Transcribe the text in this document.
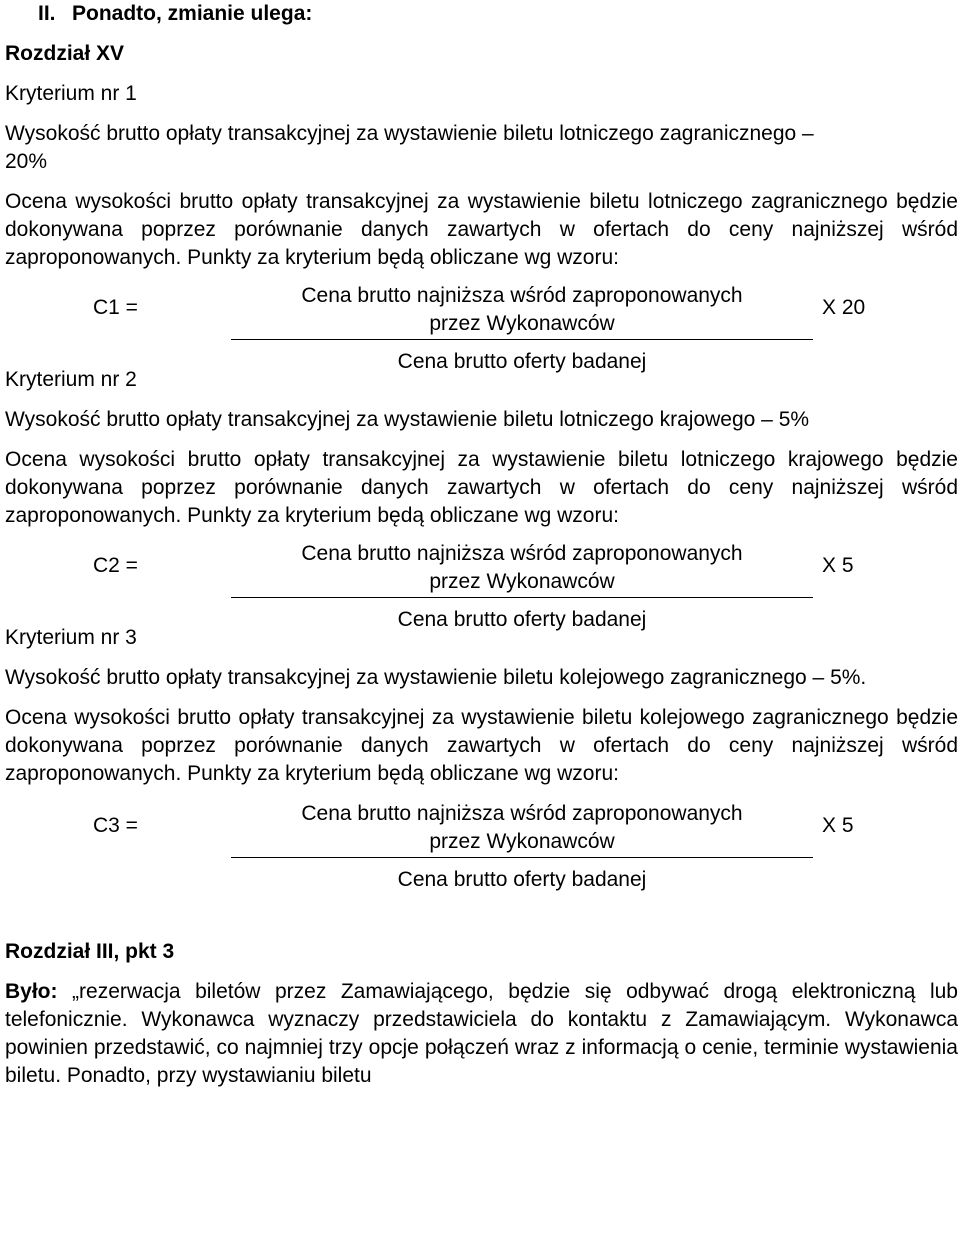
II. Ponadto, zmianie ulega:

Rozdział XV

Kryterium nr 1

Wysokość brutto opłaty transakcyjnej za wystawienie biletu lotniczego zagranicznego –
20%

Ocena wysokości brutto opłaty transakcyjnej za wystawienie biletu lotniczego zagranicznego będzie dokonywana poprzez porównanie danych zawartych w ofertach do ceny najniższej wśród zaproponowanych. Punkty za kryterium będą obliczane wg wzoru:

C1 =
Cena brutto najniższa wśród zaproponowanych
przez Wykonawców
Cena brutto oferty badanej
X 20

Kryterium nr 2

Wysokość brutto opłaty transakcyjnej za wystawienie biletu lotniczego krajowego – 5%

Ocena wysokości brutto opłaty transakcyjnej za wystawienie biletu lotniczego krajowego będzie dokonywana poprzez porównanie danych zawartych w ofertach do ceny najniższej wśród zaproponowanych. Punkty za kryterium będą obliczane wg wzoru:

C2 =
Cena brutto najniższa wśród zaproponowanych
przez Wykonawców
Cena brutto oferty badanej
X 5

Kryterium nr 3

Wysokość brutto opłaty transakcyjnej za wystawienie biletu kolejowego zagranicznego – 5%.

Ocena wysokości brutto opłaty transakcyjnej za wystawienie biletu kolejowego zagranicznego będzie dokonywana poprzez porównanie danych zawartych w ofertach do ceny najniższej wśród zaproponowanych. Punkty za kryterium będą obliczane wg wzoru:

C3 =
Cena brutto najniższa wśród zaproponowanych
przez Wykonawców
Cena brutto oferty badanej
X 5

Rozdział III, pkt 3

Było: „rezerwacja biletów przez Zamawiającego, będzie się odbywać drogą elektroniczną lub telefonicznie. Wykonawca wyznaczy przedstawiciela do kontaktu z Zamawiającym. Wykonawca powinien przedstawić, co najmniej trzy opcje połączeń wraz z informacją o cenie, terminie wystawienia biletu. Ponadto, przy wystawianiu biletu
